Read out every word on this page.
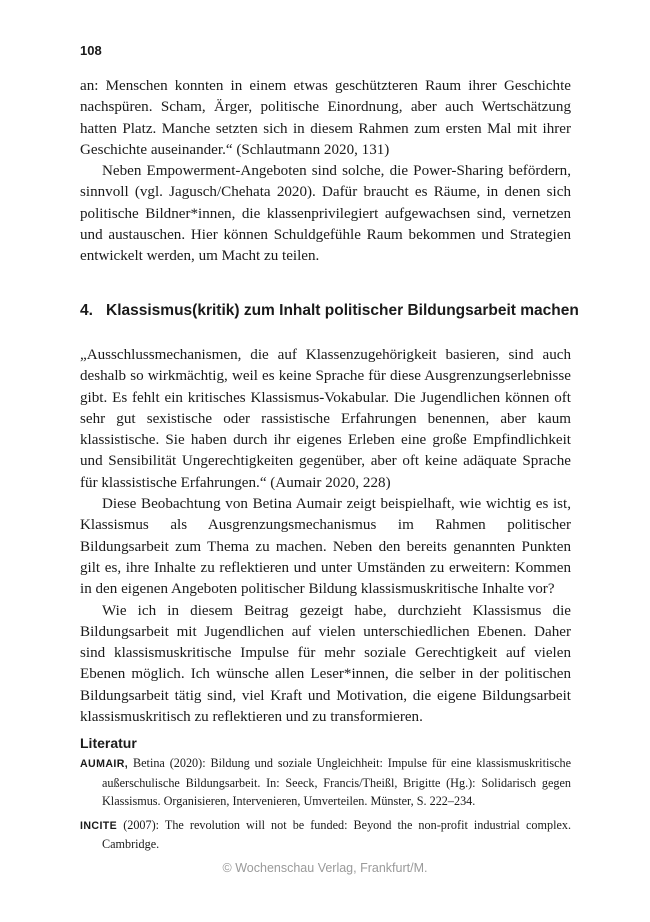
108

an: Menschen konnten in einem etwas geschützteren Raum ihrer Geschichte nachspüren. Scham, Ärger, politische Einordnung, aber auch Wertschätzung hatten Platz. Manche setzten sich in diesem Rahmen zum ersten Mal mit ihrer Geschichte auseinander.“ (Schlautmann 2020, 131)

Neben Empowerment-Angeboten sind solche, die Power-Sharing befördern, sinnvoll (vgl. Jagusch/Chehata 2020). Dafür braucht es Räume, in denen sich politische Bildner*innen, die klassenprivilegiert aufgewachsen sind, vernetzen und austauschen. Hier können Schuldgefühle Raum bekommen und Strategien entwickelt werden, um Macht zu teilen.

4. Klassismus(kritik) zum Inhalt politischer Bildungsarbeit machen

„Ausschlussmechanismen, die auf Klassenzugehörigkeit basieren, sind auch deshalb so wirkmächtig, weil es keine Sprache für diese Ausgrenzungserlebnisse gibt. Es fehlt ein kritisches Klassismus-Vokabular. Die Jugendlichen können oft sehr gut sexistische oder rassistische Erfahrungen benennen, aber kaum klassistische. Sie haben durch ihr eigenes Erleben eine große Empfindlichkeit und Sensibilität Ungerechtigkeiten gegenüber, aber oft keine adäquate Sprache für klassistische Erfahrungen.“ (Aumair 2020, 228)

Diese Beobachtung von Betina Aumair zeigt beispielhaft, wie wichtig es ist, Klassismus als Ausgrenzungsmechanismus im Rahmen politischer Bildungsarbeit zum Thema zu machen. Neben den bereits genannten Punkten gilt es, ihre Inhalte zu reflektieren und unter Umständen zu erweitern: Kommen in den eigenen Angeboten politischer Bildung klassismuskritische Inhalte vor?

Wie ich in diesem Beitrag gezeigt habe, durchzieht Klassismus die Bildungsarbeit mit Jugendlichen auf vielen unterschiedlichen Ebenen. Daher sind klassismuskritische Impulse für mehr soziale Gerechtigkeit auf vielen Ebenen möglich. Ich wünsche allen Leser*innen, die selber in der politischen Bildungsarbeit tätig sind, viel Kraft und Motivation, die eigene Bildungsarbeit klassismuskritisch zu reflektieren und zu transformieren.

Literatur

AUMAIR, Betina (2020): Bildung und soziale Ungleichheit: Impulse für eine klassismuskritische außerschulische Bildungsarbeit. In: Seeck, Francis/Theißl, Brigitte (Hg.): Solidarisch gegen Klassismus. Organisieren, Intervenieren, Umverteilen. Münster, S. 222–234.

INCITE (2007): The revolution will not be funded: Beyond the non-profit industrial complex. Cambridge.

© Wochenschau Verlag, Frankfurt/M.
